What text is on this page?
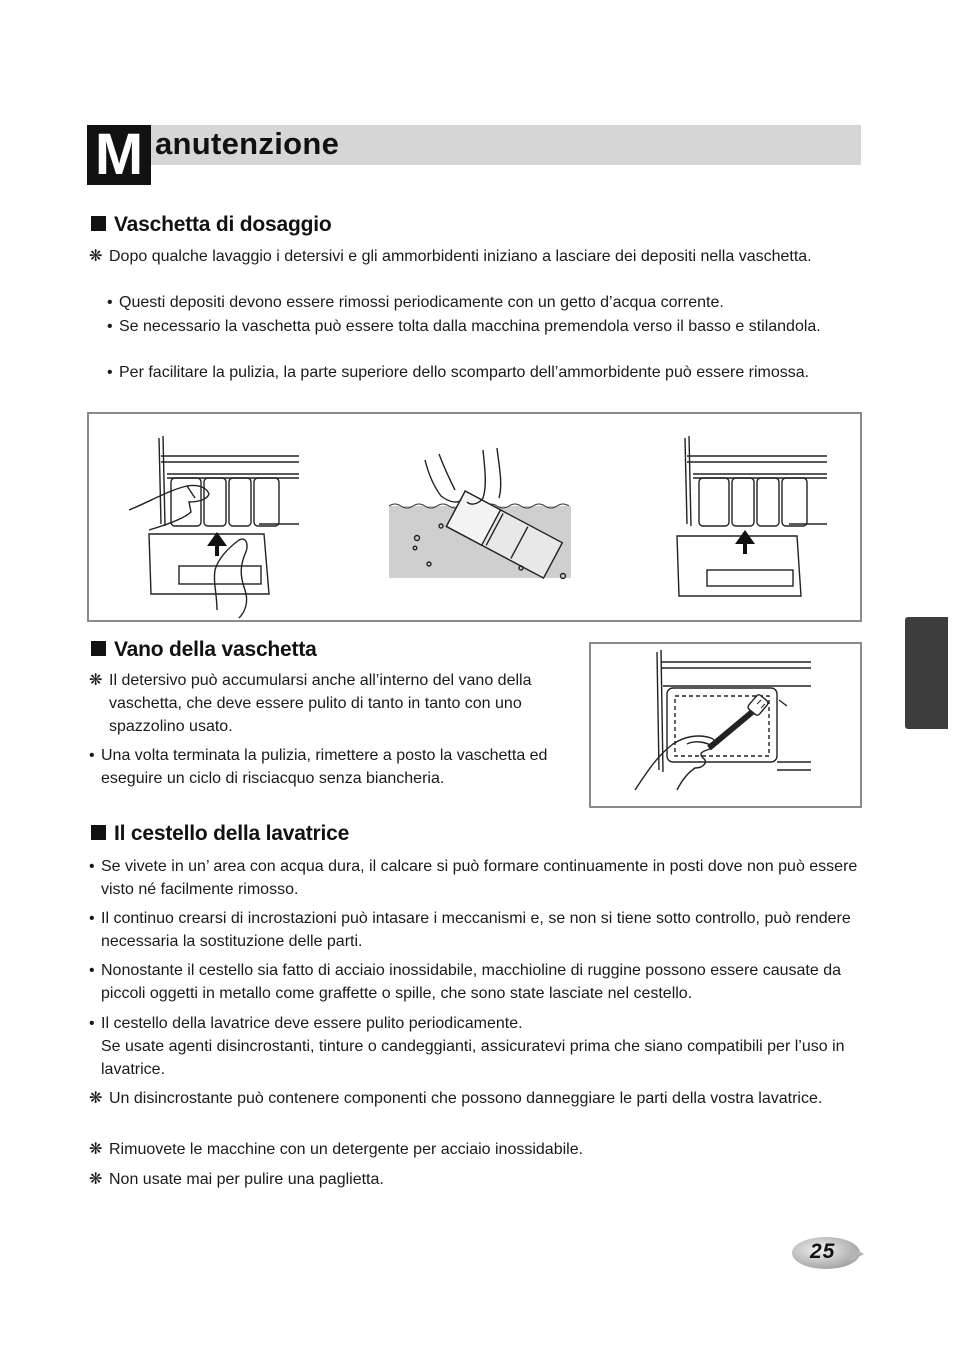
M anutenzione
Vaschetta di dosaggio
❋ Dopo qualche lavaggio i detersivi e gli ammorbidenti iniziano a lasciare dei depositi nella vaschetta.
• Questi depositi devono essere rimossi periodicamente con un getto d’acqua corrente.
• Se necessario la vaschetta può essere tolta dalla macchina premendola verso il basso e stilandola.
• Per facilitare la pulizia, la parte superiore dello scomparto dell’ammorbidente può essere rimossa.
Vano della vaschetta
❋ Il detersivo può accumularsi anche all’interno del vano della vaschetta, che deve essere pulito di tanto in tanto con uno spazzolino usato.
• Una volta terminata la pulizia, rimettere a posto la vaschetta ed eseguire un ciclo di risciacquo senza biancheria.
Il cestello della lavatrice
• Se vivete in un’ area con acqua dura, il calcare si può formare continuamente in posti dove non può essere visto né facilmente rimosso.
• Il continuo crearsi di incrostazioni può intasare i meccanismi e, se non si tiene sotto controllo, può rendere necessaria la sostituzione delle parti.
• Nonostante il cestello sia fatto di acciaio inossidabile, macchioline di ruggine possono essere causate da piccoli oggetti in metallo come graffette o spille, che sono state lasciate nel cestello.
• Il cestello della lavatrice deve essere pulito periodicamente.
Se usate agenti disincrostanti, tinture o candeggianti, assicuratevi prima che siano compatibili per l’uso in lavatrice.
❋ Un disincrostante può contenere componenti che possono danneggiare le parti della vostra lavatrice.
❋ Rimuovete le macchine con un detergente per acciaio inossidabile.
❋ Non usate mai per pulire una paglietta.
25
